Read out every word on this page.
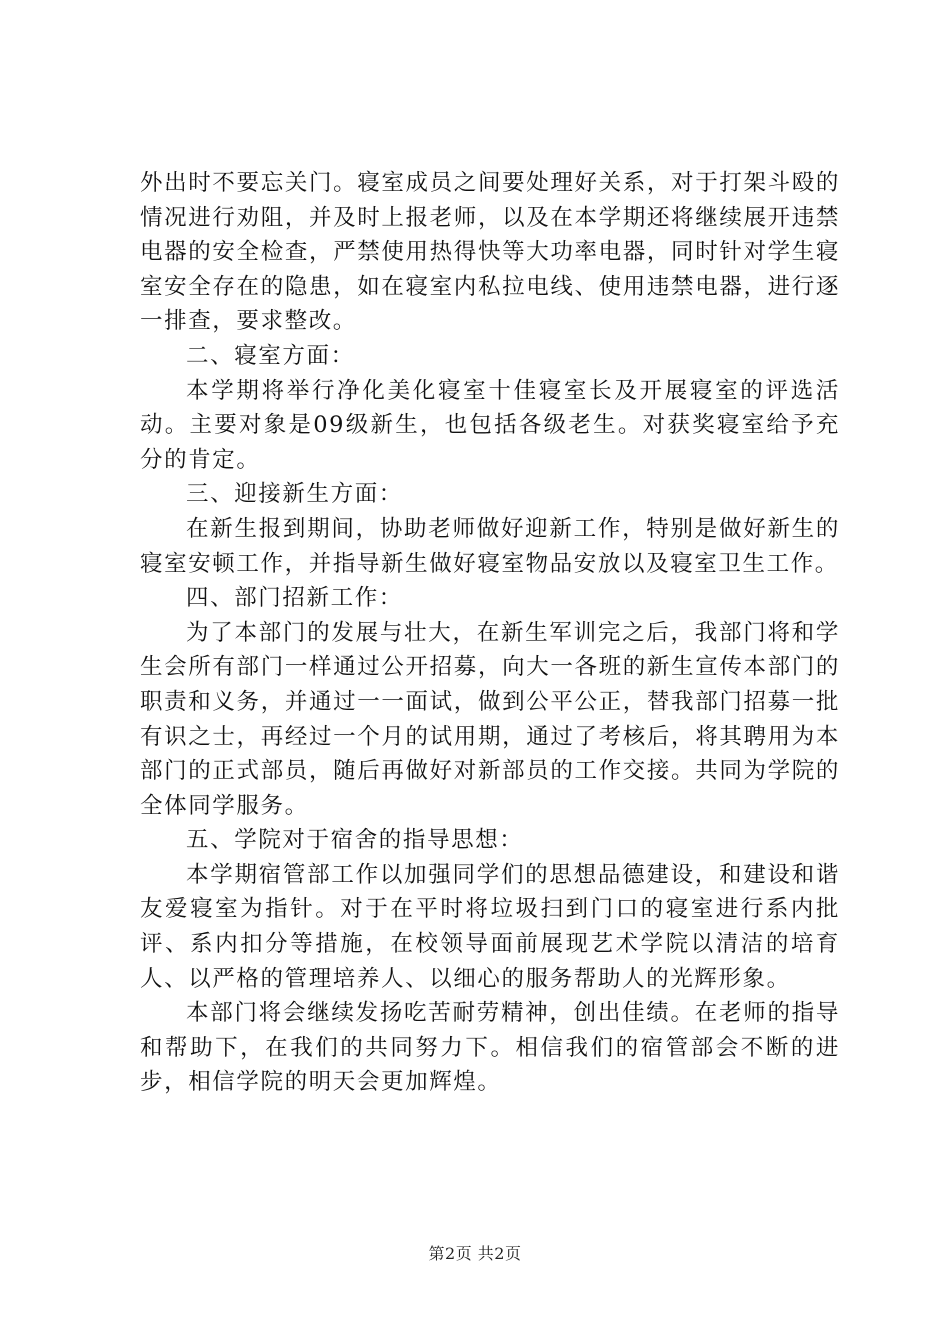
外出时不要忘关门。寝室成员之间要处理好关系，对于打架斗殴的情况进行劝阻，并及时上报老师，以及在本学期还将继续展开违禁电器的安全检查，严禁使用热得快等大功率电器，同时针对学生寝室安全存在的隐患，如在寝室内私拉电线、使用违禁电器，进行逐一排查，要求整改。

二、寝室方面：

本学期将举行净化美化寝室十佳寝室长及开展寝室的评选活动。主要对象是09级新生，也包括各级老生。对获奖寝室给予充分的肯定。

三、迎接新生方面：

在新生报到期间，协助老师做好迎新工作，特别是做好新生的寝室安顿工作，并指导新生做好寝室物品安放以及寝室卫生工作。

四、部门招新工作：

为了本部门的发展与壮大，在新生军训完之后，我部门将和学生会所有部门一样通过公开招募，向大一各班的新生宣传本部门的职责和义务，并通过一一面试，做到公平公正，替我部门招募一批有识之士，再经过一个月的试用期，通过了考核后，将其聘用为本部门的正式部员，随后再做好对新部员的工作交接。共同为学院的全体同学服务。

五、学院对于宿舍的指导思想：

本学期宿管部工作以加强同学们的思想品德建设，和建设和谐友爱寝室为指针。对于在平时将垃圾扫到门口的寝室进行系内批评、系内扣分等措施，在校领导面前展现艺术学院以清洁的培育人、以严格的管理培养人、以细心的服务帮助人的光辉形象。

本部门将会继续发扬吃苦耐劳精神，创出佳绩。在老师的指导和帮助下，在我们的共同努力下。相信我们的宿管部会不断的进步，相信学院的明天会更加辉煌。

第2页 共2页
